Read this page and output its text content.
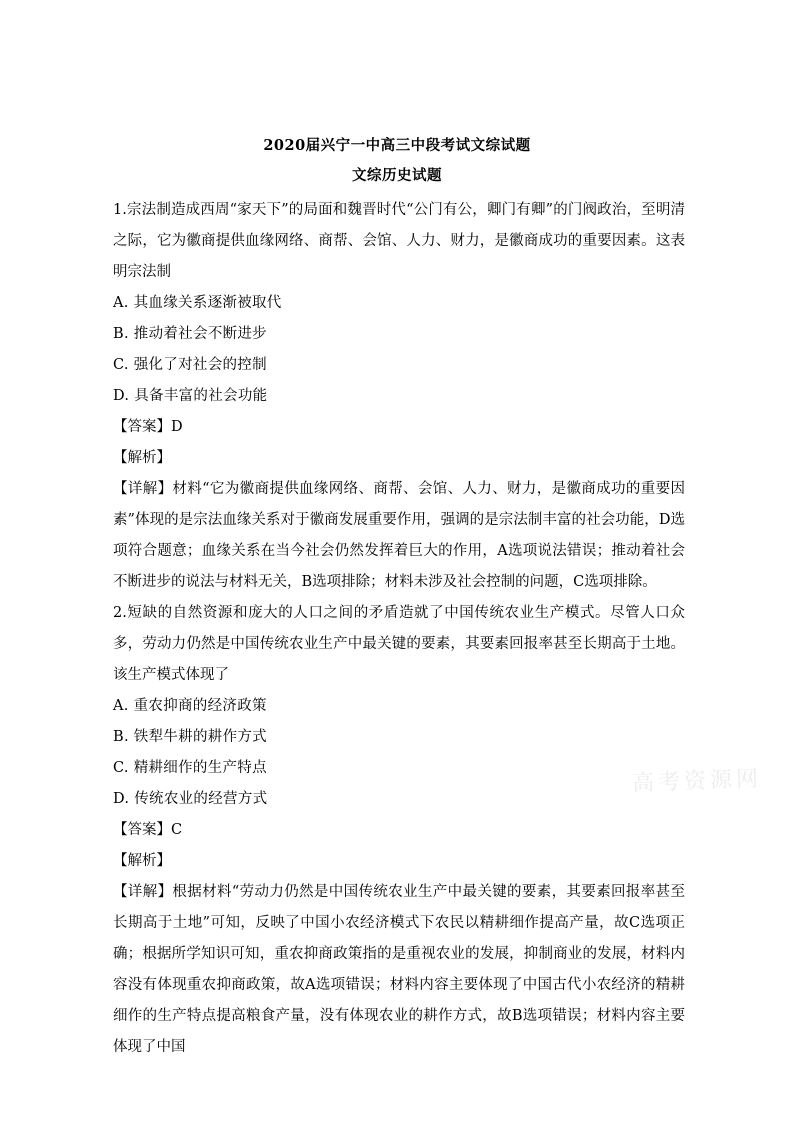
2020届兴宁一中高三中段考试文综试题
文综历史试题

1.宗法制造成西周“家天下”的局面和魏晋时代“公门有公，卿门有卿”的门阀政治，至明清之际，它为徽商提供血缘网络、商帮、会馆、人力、财力，是徽商成功的重要因素。这表明宗法制

A. 其血缘关系逐渐被取代

B. 推动着社会不断进步

C. 强化了对社会的控制

D. 具备丰富的社会功能

【答案】D

【解析】

【详解】材料“它为徽商提供血缘网络、商帮、会馆、人力、财力，是徽商成功的重要因素”体现的是宗法血缘关系对于徽商发展重要作用，强调的是宗法制丰富的社会功能，D选项符合题意；血缘关系在当今社会仍然发挥着巨大的作用，A选项说法错误；推动着社会不断进步的说法与材料无关，B选项排除；材料未涉及社会控制的问题，C选项排除。

2.短缺的自然资源和庞大的人口之间的矛盾造就了中国传统农业生产模式。尽管人口众多，劳动力仍然是中国传统农业生产中最关键的要素，其要素回报率甚至长期高于土地。该生产模式体现了

A. 重农抑商的经济政策

B. 铁犁牛耕的耕作方式

C. 精耕细作的生产特点

D. 传统农业的经营方式

【答案】C

【解析】

【详解】根据材料“劳动力仍然是中国传统农业生产中最关键的要素，其要素回报率甚至长期高于土地”可知，反映了中国小农经济模式下农民以精耕细作提高产量，故C选项正确；根据所学知识可知，重农抑商政策指的是重视农业的发展，抑制商业的发展，材料内容没有体现重农抑商政策，故A选项错误；材料内容主要体现了中国古代小农经济的精耕细作的生产特点提高粮食产量，没有体现农业的耕作方式，故B选项错误；材料内容主要体现了中国

高考资源网
